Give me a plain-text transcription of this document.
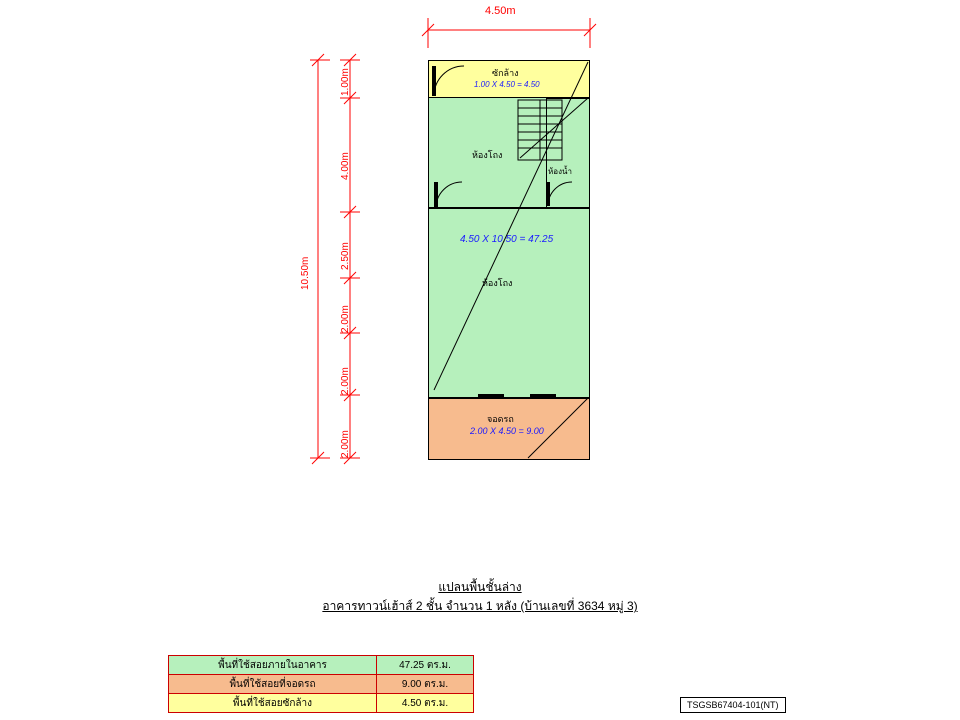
4.50m
10.50m
1.00m
4.00m
2.50m
2.00m
2.00m
2.00m
ซักล้าง
1.00 X 4.50 = 4.50
ห้องโถง
ห้องน้ำ
4.50 X 10.50 = 47.25
ห้องโถง
จอดรถ
2.00 X 4.50 = 9.00
แปลนพื้นชั้นล่าง
อาคารทาวน์เฮ้าส์ 2 ชั้น จำนวน 1 หลัง (บ้านเลขที่ 3634 หมู่ 3)
พื้นที่ใช้สอยภายในอาคาร	47.25 ตร.ม.
พื้นที่ใช้สอยที่จอดรถ	9.00 ตร.ม.
พื้นที่ใช้สอยซักล้าง	4.50 ตร.ม.	TSGSB67404-101(NT)
